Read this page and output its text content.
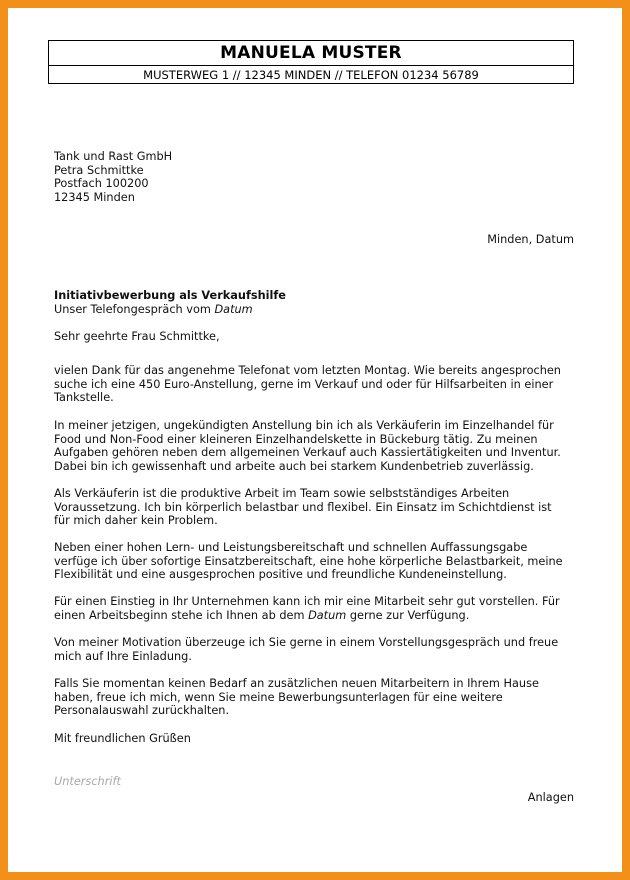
MANUELA MUSTER
MUSTERWEG 1 // 12345 MINDEN // TELEFON 01234 56789
Tank und Rast GmbH
Petra Schmittke
Postfach 100200
12345 Minden
Minden, Datum
Initiativbewerbung als Verkaufshilfe
Unser Telefongespräch vom Datum
Sehr geehrte Frau Schmittke,
vielen Dank für das angenehme Telefonat vom letzten Montag. Wie bereits angesprochen
suche ich eine 450 Euro-Anstellung, gerne im Verkauf und oder für Hilfsarbeiten in einer
Tankstelle.
In meiner jetzigen, ungekündigten Anstellung bin ich als Verkäuferin im Einzelhandel für
Food und Non-Food einer kleineren Einzelhandelskette in Bückeburg tätig. Zu meinen
Aufgaben gehören neben dem allgemeinen Verkauf auch Kassiertätigkeiten und Inventur.
Dabei bin ich gewissenhaft und arbeite auch bei starkem Kundenbetrieb zuverlässig.
Als Verkäuferin ist die produktive Arbeit im Team sowie selbstständiges Arbeiten
Voraussetzung. Ich bin körperlich belastbar und flexibel. Ein Einsatz im Schichtdienst ist
für mich daher kein Problem.
Neben einer hohen Lern- und Leistungsbereitschaft und schnellen Auffassungsgabe
verfüge ich über sofortige Einsatzbereitschaft, eine hohe körperliche Belastbarkeit, meine
Flexibilität und eine ausgesprochen positive und freundliche Kundeneinstellung.
Für einen Einstieg in Ihr Unternehmen kann ich mir eine Mitarbeit sehr gut vorstellen. Für
einen Arbeitsbeginn stehe ich Ihnen ab dem Datum gerne zur Verfügung.
Von meiner Motivation überzeuge ich Sie gerne in einem Vorstellungsgespräch und freue
mich auf Ihre Einladung.
Falls Sie momentan keinen Bedarf an zusätzlichen neuen Mitarbeitern in Ihrem Hause
haben, freue ich mich, wenn Sie meine Bewerbungsunterlagen für eine weitere
Personalauswahl zurückhalten.
Mit freundlichen Grüßen
Unterschrift
Anlagen
